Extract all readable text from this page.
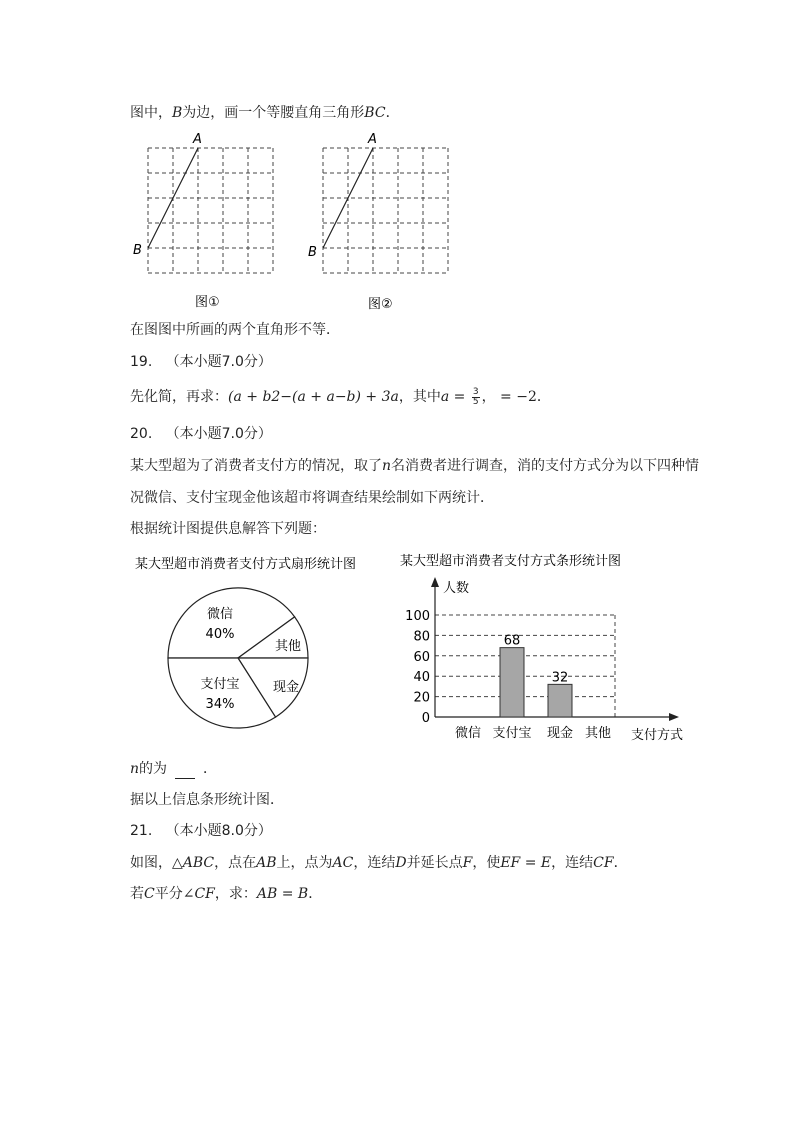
图中，B为边，画一个等腰直角三角形BC．
A
B
图①
A
B
图②
在图图中所画的两个直角形不等．
19. （本小题7.0分）
先化简，再求：(a + b2−(a + a−b) + 3a，其中$a = \frac{3}{5}$ ， = −2．
20. （本小题7.0分）
某大型超为了消费者支付方的情况，取了n名消费者进行调查，消的支付方式分为以下四种情
况微信、支付宝现金他该超市将调查结果绘制如下两统计．
根据统计图提供息解答下列题：
某大型超市消费者支付方式扇形统计图
微信
40%
其他
现金
支付宝
34%
某大型超市消费者支付方式条形统计图
0
20
40
60
80
100
人数
支付方式
微信 支付宝
68
现金
32
其他
n的为	．
据以上信息条形统计图．
21. （本小题8.0分）
如图，△ABC，点在AB上，点为AC，连结D并延长点F，使EF = E，连结CF．
若C平分∠CF，求：AB = B．
